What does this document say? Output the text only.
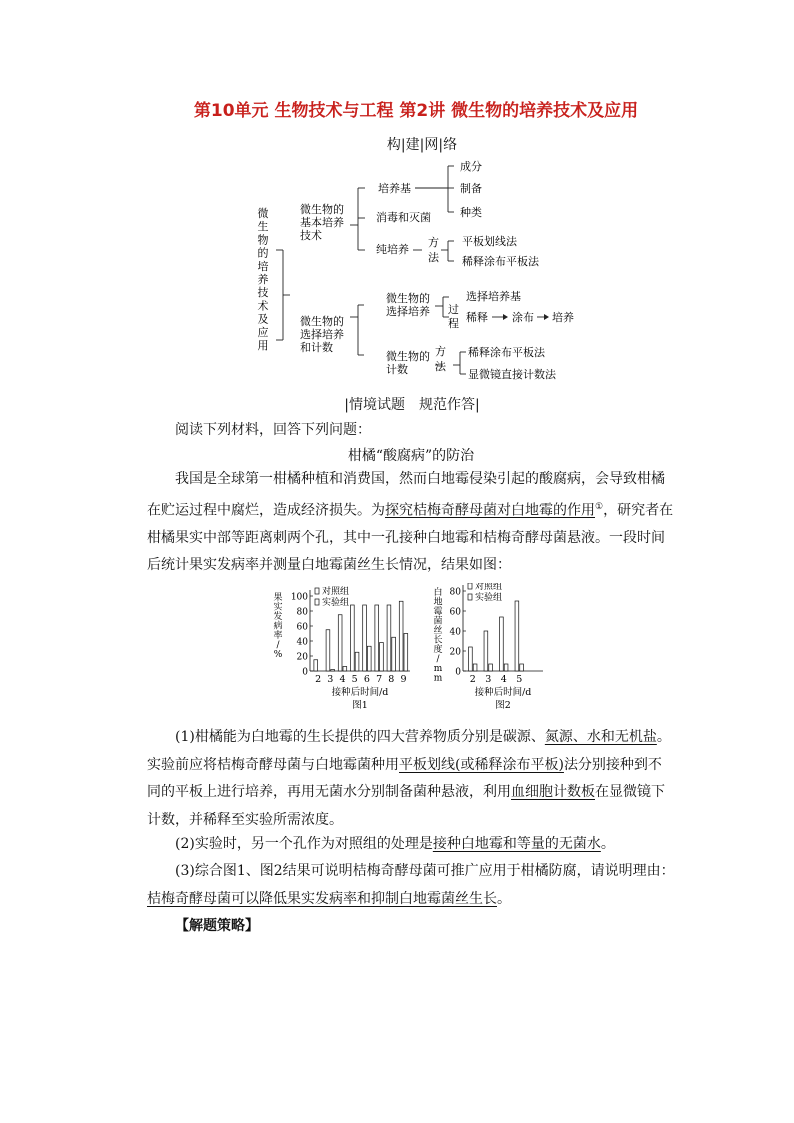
第10单元 生物技术与工程 第2讲 微生物的培养技术及应用
构|建|网|络
微
生
物
的
培
养
技
术
及
应
用
微生物的
基本培养
技术
培养基
消毒和灭菌
纯培养
成分
制备
种类
方
法
平板划线法
稀释涂布平板法
微生物的
选择培养
和计数
微生物的
选择培养
微生物的
计数
选择培养基
过
程 稀释 涂布 培养
方
法
稀释涂布平板法
显微镜直接计数法
|情境试题　规范作答|
阅读下列材料，回答下列问题：
柑橘“酸腐病”的防治
我国是全球第一柑橘种植和消费国，然而白地霉侵染引起的酸腐病，会导致柑橘在贮运过程中腐烂，造成经济损失。为探究桔梅奇酵母菌对白地霉的作用①，研究者在柑橘果实中部等距离刺两个孔，其中一孔接种白地霉和桔梅奇酵母菌悬液。一段时间后统计果实发病率并测量白地霉菌丝生长情况，结果如图：
0
20
40
60
80
100
果
实
发
病
率
/
%
2 3 4 5 6 7 8 9
对照组
实验组
接种后时间/d
图1
0
20
40
60
80
白
地
霉
菌
丝
长
度
/
m
m	2 3 4 5
对照组
实验组
接种后时间/d
图2
(1)柑橘能为白地霉的生长提供的四大营养物质分别是碳源、氮源、水和无机盐。实验前应将桔梅奇酵母菌与白地霉菌种用平板划线(或稀释涂布平板)法分别接种到不同的平板上进行培养，再用无菌水分别制备菌种悬液，利用血细胞计数板在显微镜下计数，并稀释至实验所需浓度。
(2)实验时，另一个孔作为对照组的处理是接种白地霉和等量的无菌水。
(3)综合图1、图2结果可说明桔梅奇酵母菌可推广应用于柑橘防腐，请说明理由：桔梅奇酵母菌可以降低果实发病率和抑制白地霉菌丝生长。
【解题策略】
